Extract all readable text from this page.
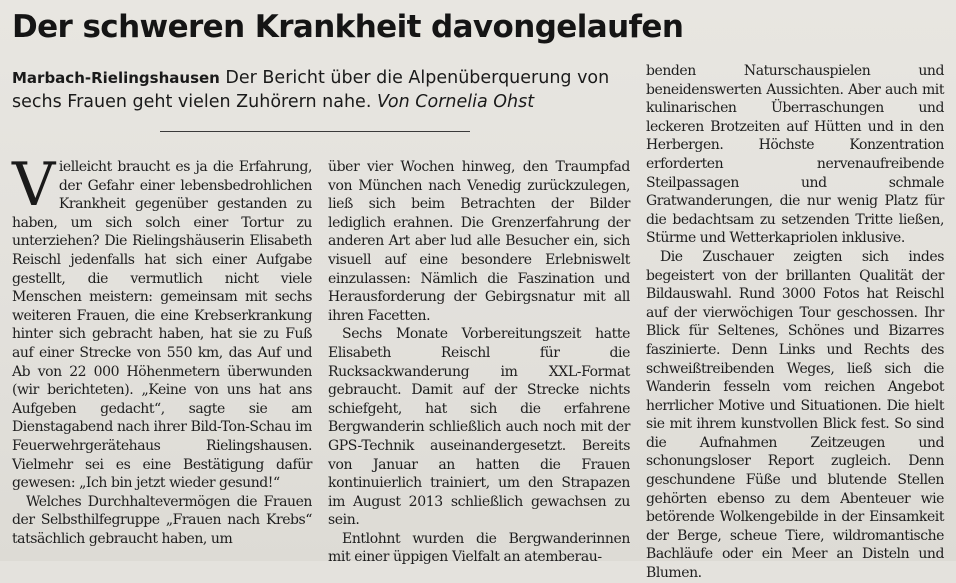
Der schweren Krankheit davongelaufen
Marbach-Rielingshausen Der Bericht über die Alpenüberquerung von sechs Frauen geht vielen Zuhörern nahe. Von Cornelia Ohst

Vielleicht braucht es ja die Erfahrung, der Gefahr einer lebensbedrohlichen Krankheit gegenüber gestanden zu haben, um sich solch einer Tortur zu unterziehen? Die Rielingshäuserin Elisabeth Reischl jedenfalls hat sich einer Aufgabe gestellt, die vermutlich nicht viele Menschen meistern: gemeinsam mit sechs weiteren Frauen, die eine Krebserkrankung hinter sich gebracht haben, hat sie zu Fuß auf einer Strecke von 550 km, das Auf und Ab von 22 000 Höhenmetern überwunden (wir berichteten). „Keine von uns hat ans Aufgeben gedacht“, sagte sie am Dienstagabend nach ihrer Bild-Ton-Schau im Feuerwehrgerätehaus Rielingshausen. Vielmehr sei es eine Bestätigung dafür gewesen: „Ich bin jetzt wieder gesund!“

Welches Durchhaltevermögen die Frauen der Selbsthilfegruppe „Frauen nach Krebs“ tatsächlich gebraucht haben, um

über vier Wochen hinweg, den Traumpfad von München nach Venedig zurückzulegen, ließ sich beim Betrachten der Bilder lediglich erahnen. Die Grenzerfahrung der anderen Art aber lud alle Besucher ein, sich visuell auf eine besondere Erlebniswelt einzulassen: Nämlich die Faszination und Herausforderung der Gebirgsnatur mit all ihren Facetten.

Sechs Monate Vorbereitungszeit hatte Elisabeth Reischl für die Rucksackwanderung im XXL-Format gebraucht. Damit auf der Strecke nichts schiefgeht, hat sich die erfahrene Bergwanderin schließlich auch noch mit der GPS-Technik auseinandergesetzt. Bereits von Januar an hatten die Frauen kontinuierlich trainiert, um den Strapazen im August 2013 schließlich gewachsen zu sein.

Entlohnt wurden die Bergwanderinnen mit einer üppigen Vielfalt an atemberau-

benden Naturschauspielen und beneidenswerten Aussichten. Aber auch mit kulinarischen Überraschungen und leckeren Brotzeiten auf Hütten und in den Herbergen. Höchste Konzentration erforderten nervenaufreibende Steilpassagen und schmale Gratwanderungen, die nur wenig Platz für die bedachtsam zu setzenden Tritte ließen, Stürme und Wetterkapriolen inklusive.

Die Zuschauer zeigten sich indes begeistert von der brillanten Qualität der Bildauswahl. Rund 3000 Fotos hat Reischl auf der vierwöchigen Tour geschossen. Ihr Blick für Seltenes, Schönes und Bizarres faszinierte. Denn Links und Rechts des schweißtreibenden Weges, ließ sich die Wanderin fesseln vom reichen Angebot herrlicher Motive und Situationen. Die hielt sie mit ihrem kunstvollen Blick fest. So sind die Aufnahmen Zeitzeugen und schonungsloser Report zugleich. Denn geschundene Füße und blutende Stellen gehörten ebenso zu dem Abenteuer wie betörende Wolkengebilde in der Einsamkeit der Berge, scheue Tiere, wildromantische Bachläufe oder ein Meer an Disteln und Blumen.
